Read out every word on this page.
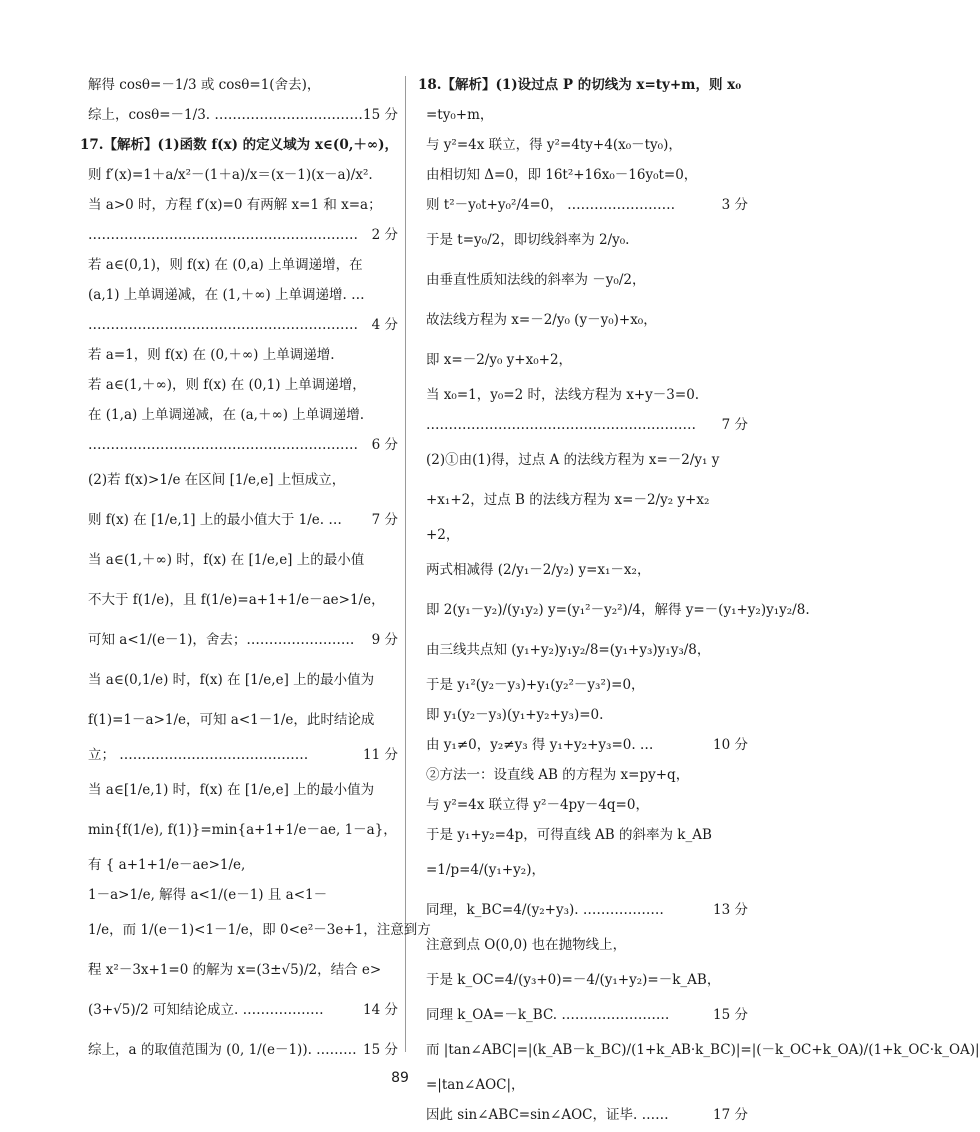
解得 cosθ=－1/3 或 cosθ=1(舍去)，
综上，cosθ=－1/3. …………………………… 15 分
17.【解析】(1)函数 f(x) 的定义域为 x∈(0,＋∞)，
则 f′(x)=1＋a/x²－(1＋a)/x＝(x－1)(x－a)/x².
当 a>0 时，方程 f′(x)=0 有两解 x=1 和 x=a；
…………………………………………………… 2 分
若 a∈(0,1)，则 f(x) 在 (0,a) 上单调递增，在
(a,1) 上单调递减，在 (1,＋∞) 上单调递增. …
…………………………………………………… 4 分
若 a=1，则 f(x) 在 (0,＋∞) 上单调递增.
若 a∈(1,＋∞)，则 f(x) 在 (0,1) 上单调递增，
在 (1,a) 上单调递减，在 (a,＋∞) 上单调递增.
…………………………………………………… 6 分
(2)若 f(x)>1/e 在区间 [1/e,e] 上恒成立，
则 f(x) 在 [1/e,1] 上的最小值大于 1/e. … 7 分
当 a∈(1,＋∞) 时，f(x) 在 [1/e,e] 上的最小值
不大于 f(1/e)，且 f(1/e)=a+1+1/e－ae>1/e，
可知 a<1/(e－1)，舍去；…………………… 9 分
当 a∈(0,1/e) 时，f(x) 在 [1/e,e] 上的最小值为
f(1)=1－a>1/e，可知 a<1－1/e，此时结论成
立； ……………………………………	11 分
当 a∈[1/e,1) 时，f(x) 在 [1/e,e] 上的最小值为
min{f(1/e), f(1)}=min{a+1+1/e－ae, 1－a}，
有 { a+1+1/e－ae>1/e,
1－a>1/e, 解得 a<1/(e－1) 且 a<1－
1/e，而 1/(e－1)<1－1/e，即 0<e²－3e+1，注意到方
程 x²－3x+1=0 的解为 x=(3±√5)/2，结合 e>
(3+√5)/2 可知结论成立. ………………	14 分
综上，a 的取值范围为 (0, 1/(e－1)). ……… 15 分
18.【解析】(1)设过点 P 的切线为 x=ty+m，则 x₀
=ty₀+m，
与 y²=4x 联立，得 y²=4ty+4(x₀－ty₀)，
由相切知 Δ=0，即 16t²+16x₀－16y₀t=0，
则 t²－y₀t+y₀²/4=0， ……………………	3 分
于是 t=y₀/2，即切线斜率为 2/y₀.
由垂直性质知法线的斜率为 －y₀/2，
故法线方程为 x=－2/y₀ (y－y₀)+x₀，
即 x=－2/y₀ y+x₀+2，
当 x₀=1，y₀=2 时，法线方程为 x+y－3=0.
…………………………………………………… 7 分
(2)①由(1)得，过点 A 的法线方程为 x=－2/y₁ y
+x₁+2，过点 B 的法线方程为 x=－2/y₂ y+x₂
+2，
两式相减得 (2/y₁－2/y₂) y=x₁－x₂，
即 2(y₁－y₂)/(y₁y₂) y=(y₁²－y₂²)/4，解得 y=－(y₁+y₂)y₁y₂/8.
由三线共点知 (y₁+y₂)y₁y₂/8=(y₁+y₃)y₁y₃/8，
于是 y₁²(y₂－y₃)+y₁(y₂²－y₃²)=0，
即 y₁(y₂－y₃)(y₁+y₂+y₃)=0.
由 y₁≠0，y₂≠y₃ 得 y₁+y₂+y₃=0. …	10 分
②方法一：设直线 AB 的方程为 x=py+q，
与 y²=4x 联立得 y²－4py－4q=0，
于是 y₁+y₂=4p，可得直线 AB 的斜率为 k_AB
=1/p=4/(y₁+y₂)，
同理，k_BC=4/(y₂+y₃). ………………	13 分
注意到点 O(0,0) 也在抛物线上，
于是 k_OC=4/(y₃+0)=－4/(y₁+y₂)=－k_AB，
同理 k_OA=－k_BC. ……………………	15 分
而 |tan∠ABC|=|(k_AB－k_BC)/(1+k_AB·k_BC)|=|(－k_OC+k_OA)/(1+k_OC·k_OA)|
=|tan∠AOC|，
因此 sin∠ABC=sin∠AOC，证毕. ……	17 分
89
